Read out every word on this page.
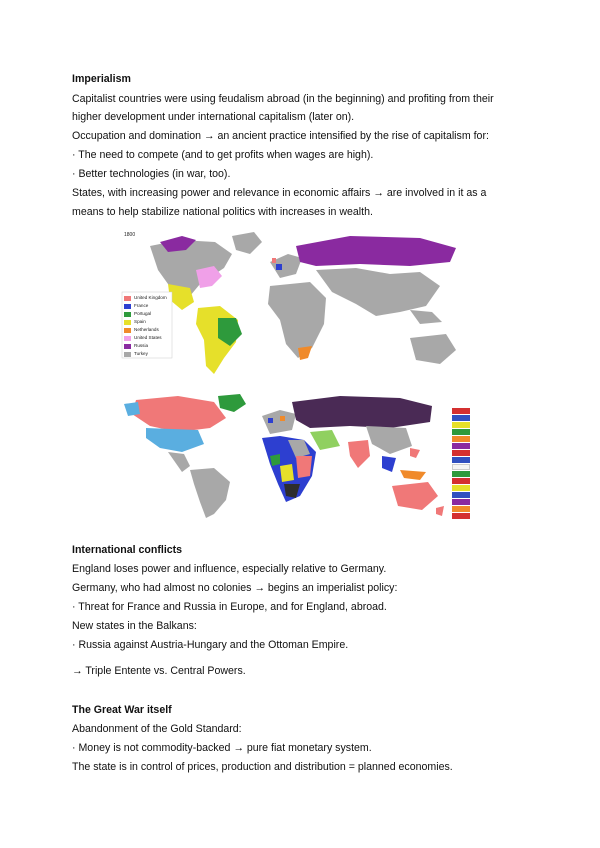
Imperialism
Capitalist countries were using feudalism abroad (in the beginning) and profiting from their
higher development under international capitalism (later on).
Occupation and domination → an ancient practice intensified by the rise of capitalism for:
· The need to compete (and to get profits when wages are high).
· Better technologies (in war, too).
States, with increasing power and relevance in economic affairs → are involved in it as a
means to help stabilize national politics with increases in wealth.
1800
United Kingdom
France
Portugal
Spain
Netherlands
United States
Russia
Turkey
International conflicts
England loses power and influence, especially relative to Germany.
Germany, who had almost no colonies → begins an imperialist policy:
· Threat for France and Russia in Europe, and for England, abroad.
New states in the Balkans:
· Russia against Austria-Hungary and the Ottoman Empire.
→ Triple Entente vs. Central Powers.
The Great War itself
Abandonment of the Gold Standard:
· Money is not commodity-backed → pure fiat monetary system.
The state is in control of prices, production and distribution = planned economies.
